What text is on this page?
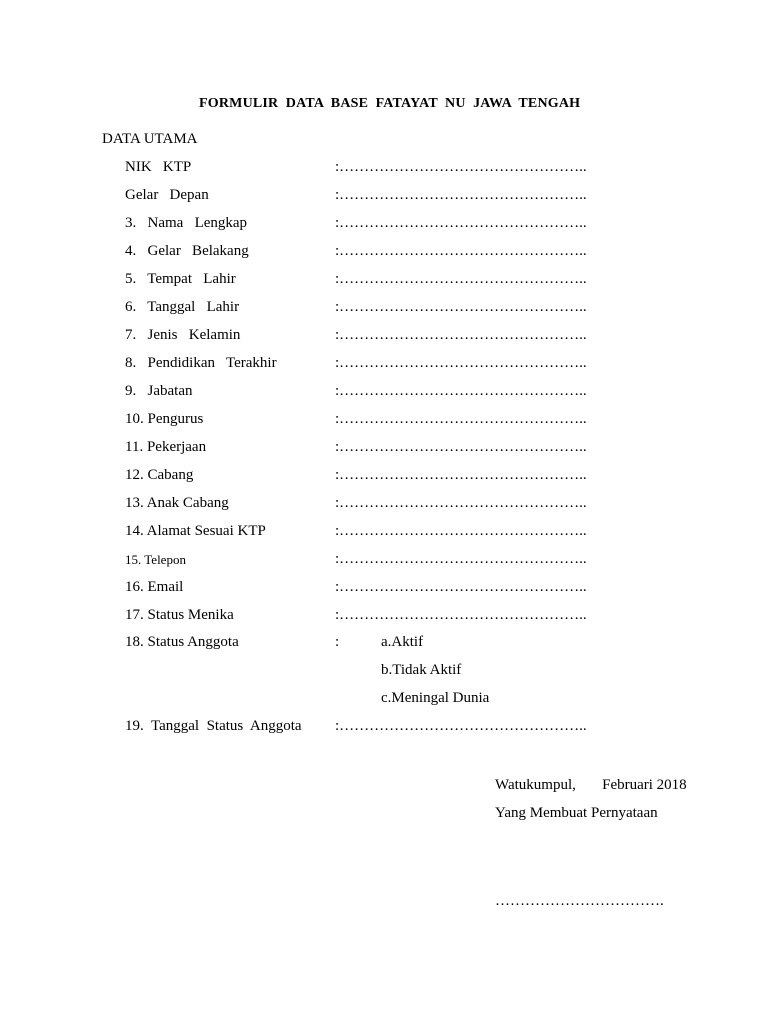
FORMULIR  DATA  BASE  FATAYAT  NU  JAWA  TENGAH
DATA UTAMA
NIK   KTP	:…………………………………………..
Gelar   Depan	:…………………………………………..
3.   Nama   Lengkap	:…………………………………………..
4.   Gelar   Belakang	:…………………………………………..
5.   Tempat   Lahir	:…………………………………………..
6.   Tanggal   Lahir	:…………………………………………..
7.   Jenis   Kelamin	:…………………………………………..
8.   Pendidikan   Terakhir	:…………………………………………..
9.   Jabatan	:…………………………………………..
10. Pengurus	:…………………………………………..
11. Pekerjaan	:…………………………………………..
12. Cabang	:…………………………………………..
13. Anak Cabang	:…………………………………………..
14. Alamat Sesuai KTP	:…………………………………………..
15. Telepon	:…………………………………………..
16. Email	:…………………………………………..
17. Status Menika	:…………………………………………..
18. Status Anggota	:	a.Aktif
b.Tidak Aktif
c.Meningal Dunia
19.  Tanggal  Status  Anggota :…………………………………………..
Watukumpul,       Februari 2018
Yang Membuat Pernyataan
…………………………….
